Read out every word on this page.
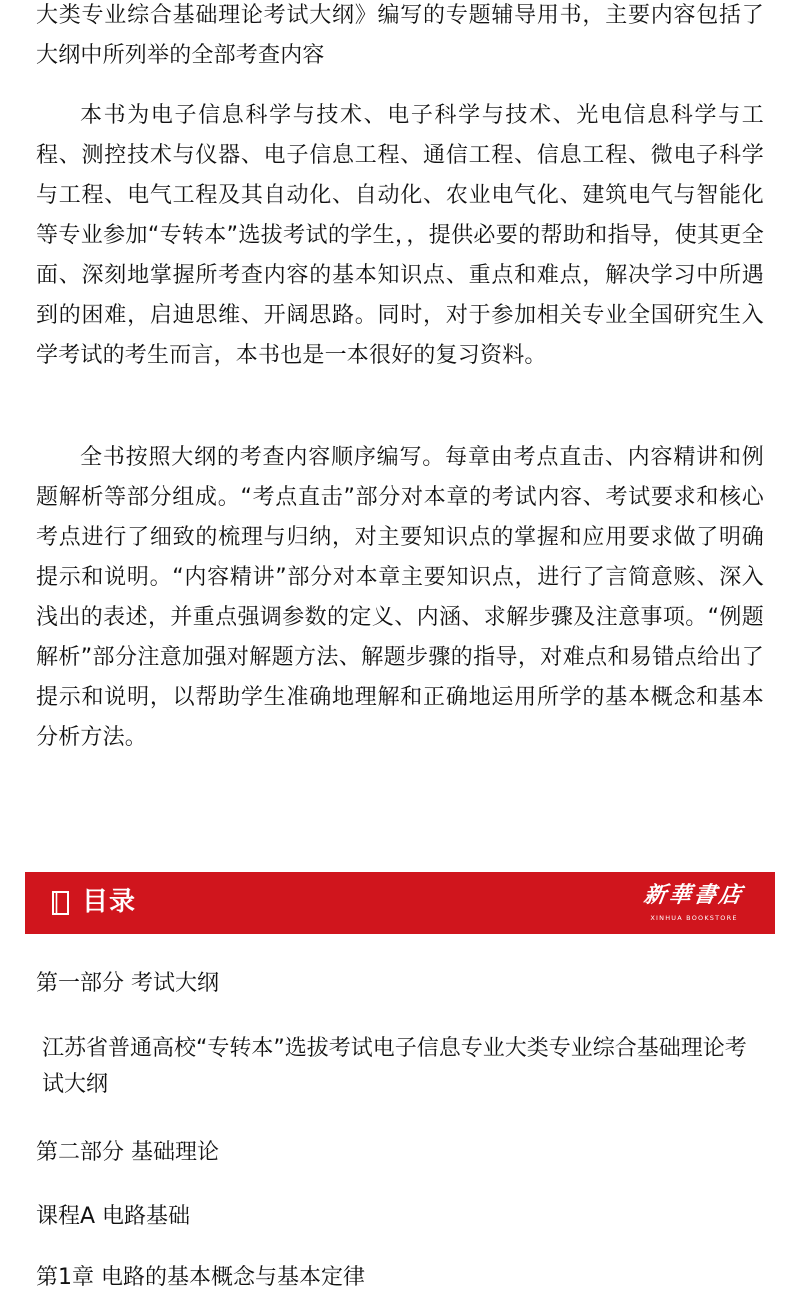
大类专业综合基础理论考试大纲》编写的专题辅导用书，主要内容包括了大纲中所列举的全部考查内容

本书为电子信息科学与技术、电子科学与技术、光电信息科学与工程、测控技术与仪器、电子信息工程、通信工程、信息工程、微电子科学与工程、电气工程及其自动化、自动化、农业电气化、建筑电气与智能化等专业参加“专转本”选拔考试的学生，，提供必要的帮助和指导，使其更全面、深刻地掌握所考查内容的基本知识点、重点和难点，解决学习中所遇到的困难，启迪思维、开阔思路。同时，对于参加相关专业全国研究生入学考试的考生而言，本书也是一本很好的复习资料。

全书按照大纲的考查内容顺序编写。每章由考点直击、内容精讲和例题解析等部分组成。“考点直击”部分对本章的考试内容、考试要求和核心考点进行了细致的梳理与归纳，对主要知识点的掌握和应用要求做了明确提示和说明。“内容精讲”部分对本章主要知识点，进行了言简意赅、深入浅出的表述，并重点强调参数的定义、内涵、求解步骤及注意事项。“例题解析”部分注意加强对解题方法、解题步骤的指导，对难点和易错点给出了提示和说明，以帮助学生准确地理解和正确地运用所学的基本概念和基本分析方法。

目录	新華書店
XINHUA BOOKSTORE

第一部分 考试大纲

江苏省普通高校“专转本”选拔考试电子信息专业大类专业综合基础理论考试大纲

第二部分 基础理论

课程A 电路基础

第1章 电路的基本概念与基本定律
